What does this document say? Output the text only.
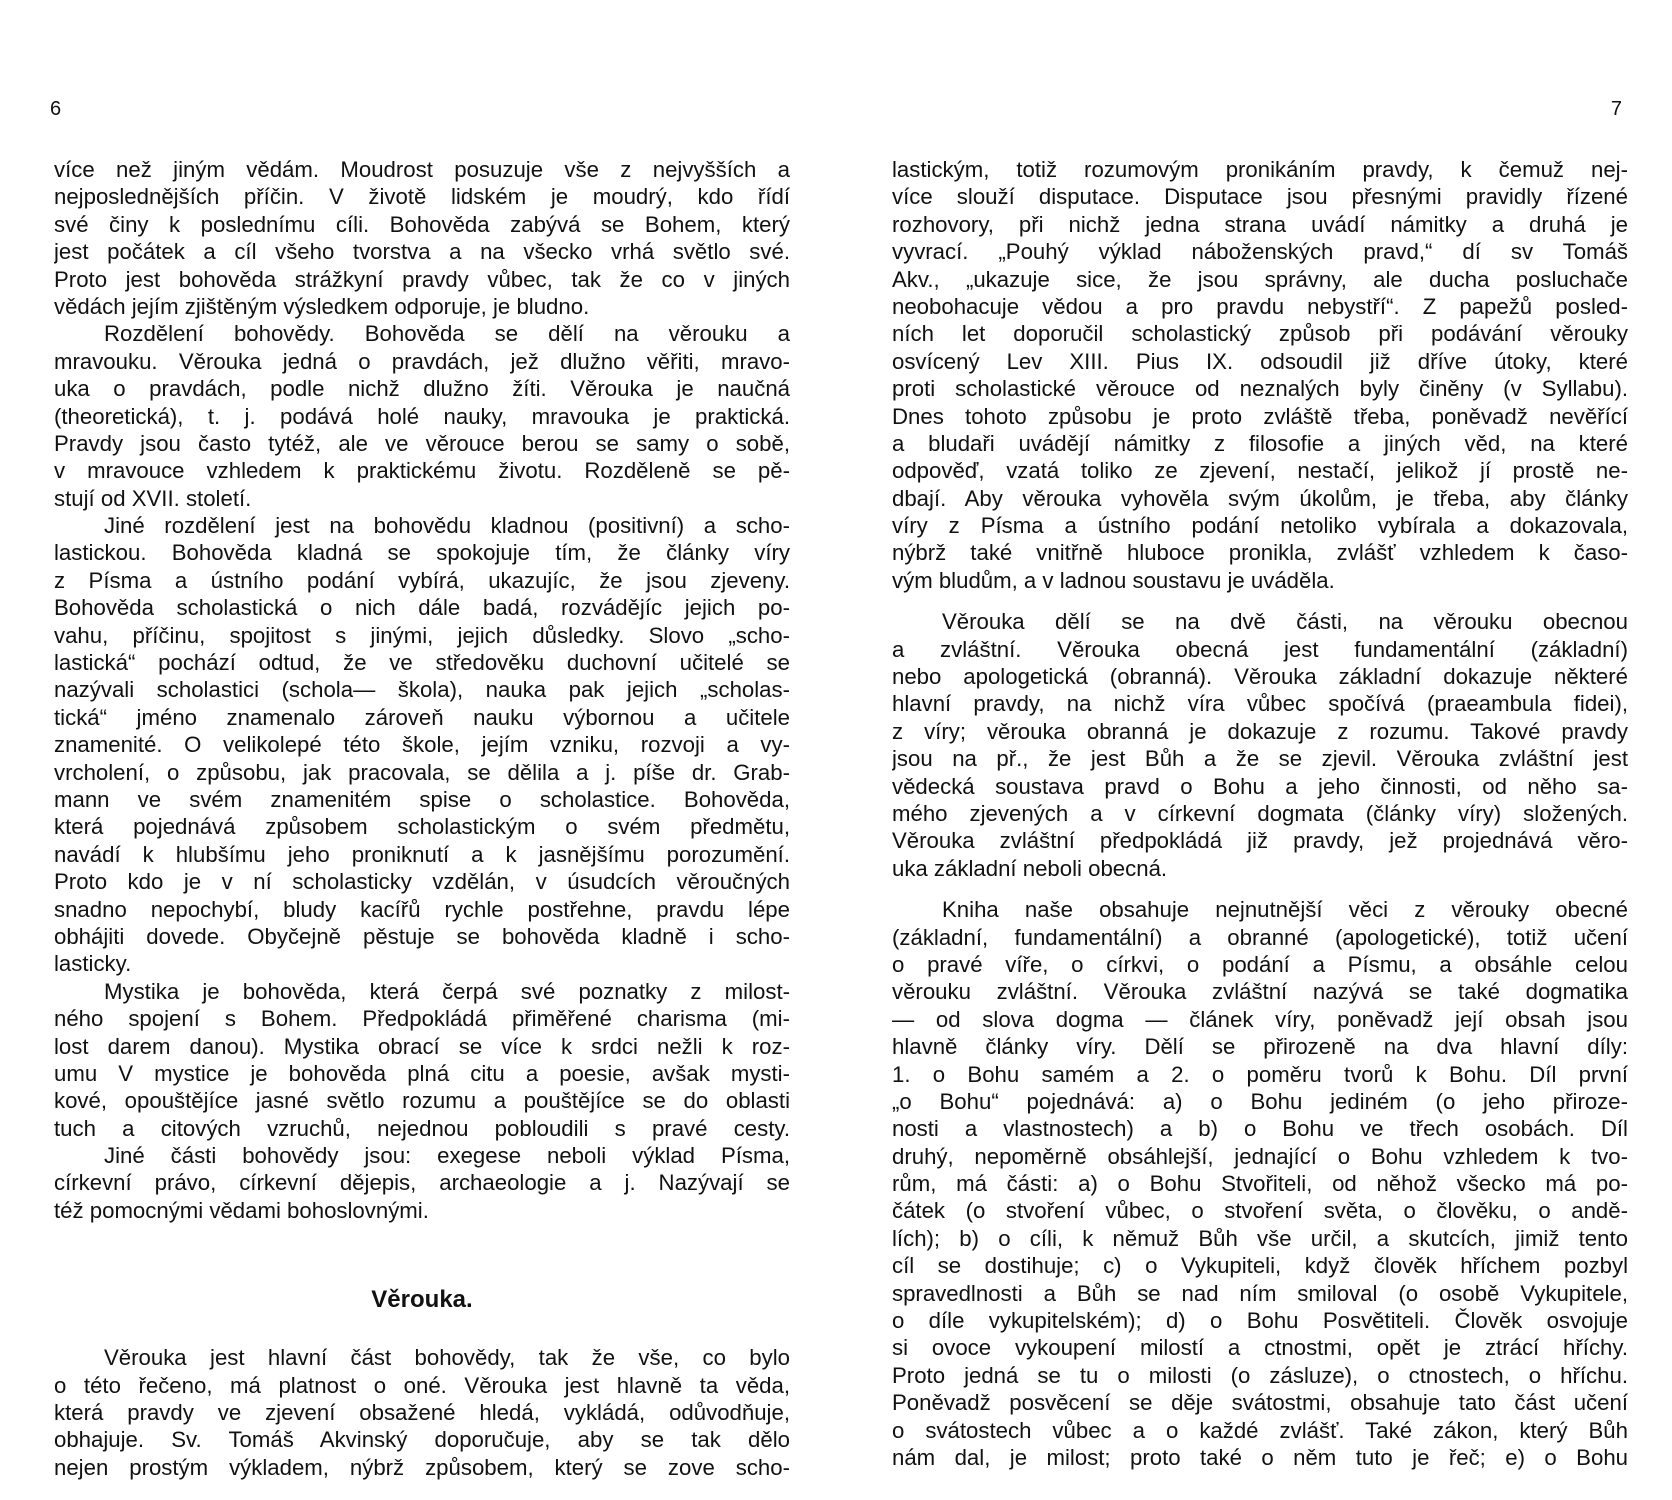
6
více než jiným vědám. Moudrost posuzuje vše z nejvyšších a
nejposlednějších příčin. V životě lidském je moudrý, kdo řídí
své činy k poslednímu cíli. Bohověda zabývá se Bohem, který
jest počátek a cíl všeho tvorstva a na všecko vrhá světlo své.
Proto jest bohověda strážkyní pravdy vůbec, tak že co v jiných
vědách jejím zjištěným výsledkem odporuje, je bludno.
Rozdělení bohovědy. Bohověda se dělí na věrouku a
mravouku. Věrouka jedná o pravdách, jež dlužno věřiti, mravo-
uka o pravdách, podle nichž dlužno žíti. Věrouka je naučná
(theoretická), t. j. podává holé nauky, mravouka je praktická.
Pravdy jsou často tytéž, ale ve věrouce berou se samy o sobě,
v mravouce vzhledem k praktickému životu. Rozděleně se pě-
stují od XVII. století.
Jiné rozdělení jest na bohovědu kladnou (positivní) a scho-
lastickou. Bohověda kladná se spokojuje tím, že články víry
z Písma a ústního podání vybírá, ukazujíc, že jsou zjeveny.
Bohověda scholastická o nich dále badá, rozvádějíc jejich po-
vahu, příčinu, spojitost s jinými, jejich důsledky. Slovo „scho-
lastická“ pochází odtud, že ve středověku duchovní učitelé se
nazývali scholastici (schola— škola), nauka pak jejich „scholas-
tická“ jméno znamenalo zároveň nauku výbornou a učitele
znamenité. O velikolepé této škole, jejím vzniku, rozvoji a vy-
vrcholení, o způsobu, jak pracovala, se dělila a j. píše dr. Grab-
mann ve svém znamenitém spise o scholastice. Bohověda,
která pojednává způsobem scholastickým o svém předmětu,
navádí k hlubšímu jeho proniknutí a k jasnějšímu porozumění.
Proto kdo je v ní scholasticky vzdělán, v úsudcích věroučných
snadno nepochybí, bludy kacířů rychle postřehne, pravdu lépe
obhájiti dovede. Obyčejně pěstuje se bohověda kladně i scho-
lasticky.
Mystika je bohověda, která čerpá své poznatky z milost-
ného spojení s Bohem. Předpokládá přiměřené charisma (mi-
lost darem danou). Mystika obrací se více k srdci nežli k roz-
umu V mystice je bohověda plná citu a poesie, avšak mysti-
kové, opouštějíce jasné světlo rozumu a pouštějíce se do oblasti
tuch a citových vzruchů, nejednou pobloudili s pravé cesty.
Jiné části bohovědy jsou: exegese neboli výklad Písma,
církevní právo, církevní dějepis, archaeologie a j. Nazývají se
též pomocnými vědami bohoslovnými.
Věrouka.
Věrouka jest hlavní část bohovědy, tak že vše, co bylo
o této řečeno, má platnost o oné. Věrouka jest hlavně ta věda,
která pravdy ve zjevení obsažené hledá, vykládá, odůvodňuje,
obhajuje. Sv. Tomáš Akvinský doporučuje, aby se tak dělo
nejen prostým výkladem, nýbrž způsobem, který se zove scho-
7
lastickým, totiž rozumovým pronikáním pravdy, k čemuž nej-
více slouží disputace. Disputace jsou přesnými pravidly řízené
rozhovory, při nichž jedna strana uvádí námitky a druhá je
vyvrací. „Pouhý výklad náboženských pravd,“ dí sv Tomáš
Akv., „ukazuje sice, že jsou správny, ale ducha posluchače
neobohacuje vědou a pro pravdu nebystří“. Z papežů posled-
ních let doporučil scholastický způsob při podávání věrouky
osvícený Lev XIII. Pius IX. odsoudil již dříve útoky, které
proti scholastické věrouce od neznalých byly činěny (v Syllabu).
Dnes tohoto způsobu je proto zvláště třeba, poněvadž nevěřící
a bludaři uvádějí námitky z filosofie a jiných věd, na které
odpověď, vzatá toliko ze zjevení, nestačí, jelikož jí prostě ne-
dbají. Aby věrouka vyhověla svým úkolům, je třeba, aby články
víry z Písma a ústního podání netoliko vybírala a dokazovala,
nýbrž také vnitřně hluboce pronikla, zvlášť vzhledem k časo-
vým bludům, a v ladnou soustavu je uváděla.
Věrouka dělí se na dvě části, na věrouku obecnou
a zvláštní. Věrouka obecná jest fundamentální (základní)
nebo apologetická (obranná). Věrouka základní dokazuje některé
hlavní pravdy, na nichž víra vůbec spočívá (praeambula fidei),
z víry; věrouka obranná je dokazuje z rozumu. Takové pravdy
jsou na př., že jest Bůh a že se zjevil. Věrouka zvláštní jest
vědecká soustava pravd o Bohu a jeho činnosti, od něho sa-
mého zjevených a v církevní dogmata (články víry) složených.
Věrouka zvláštní předpokládá již pravdy, jež projednává věro-
uka základní neboli obecná.
Kniha naše obsahuje nejnutnější věci z věrouky obecné
(základní, fundamentální) a obranné (apologetické), totiž učení
o pravé víře, o církvi, o podání a Písmu, a obsáhle celou
věrouku zvláštní. Věrouka zvláštní nazývá se také dogmatika
— od slova dogma — článek víry, poněvadž její obsah jsou
hlavně články víry. Dělí se přirozeně na dva hlavní díly:
1. o Bohu samém a 2. o poměru tvorů k Bohu. Díl první
„o Bohu“ pojednává: a) o Bohu jediném (o jeho přiroze-
nosti a vlastnostech) a b) o Bohu ve třech osobách. Díl
druhý, nepoměrně obsáhlejší, jednající o Bohu vzhledem k tvo-
rům, má části: a) o Bohu Stvořiteli, od něhož všecko má po-
čátek (o stvoření vůbec, o stvoření světa, o člověku, o andě-
lích); b) o cíli, k němuž Bůh vše určil, a skutcích, jimiž tento
cíl se dostihuje; c) o Vykupiteli, když člověk hříchem pozbyl
spravedlnosti a Bůh se nad ním smiloval (o osobě Vykupitele,
o díle vykupitelském); d) o Bohu Posvětiteli. Člověk osvojuje
si ovoce vykoupení milostí a ctnostmi, opět je ztrácí hříchy.
Proto jedná se tu o milosti (o zásluze), o ctnostech, o hříchu.
Poněvadž posvěcení se děje svátostmi, obsahuje tato část učení
o svátostech vůbec a o každé zvlášť. Také zákon, který Bůh
nám dal, je milost; proto také o něm tuto je řeč; e) o Bohu
